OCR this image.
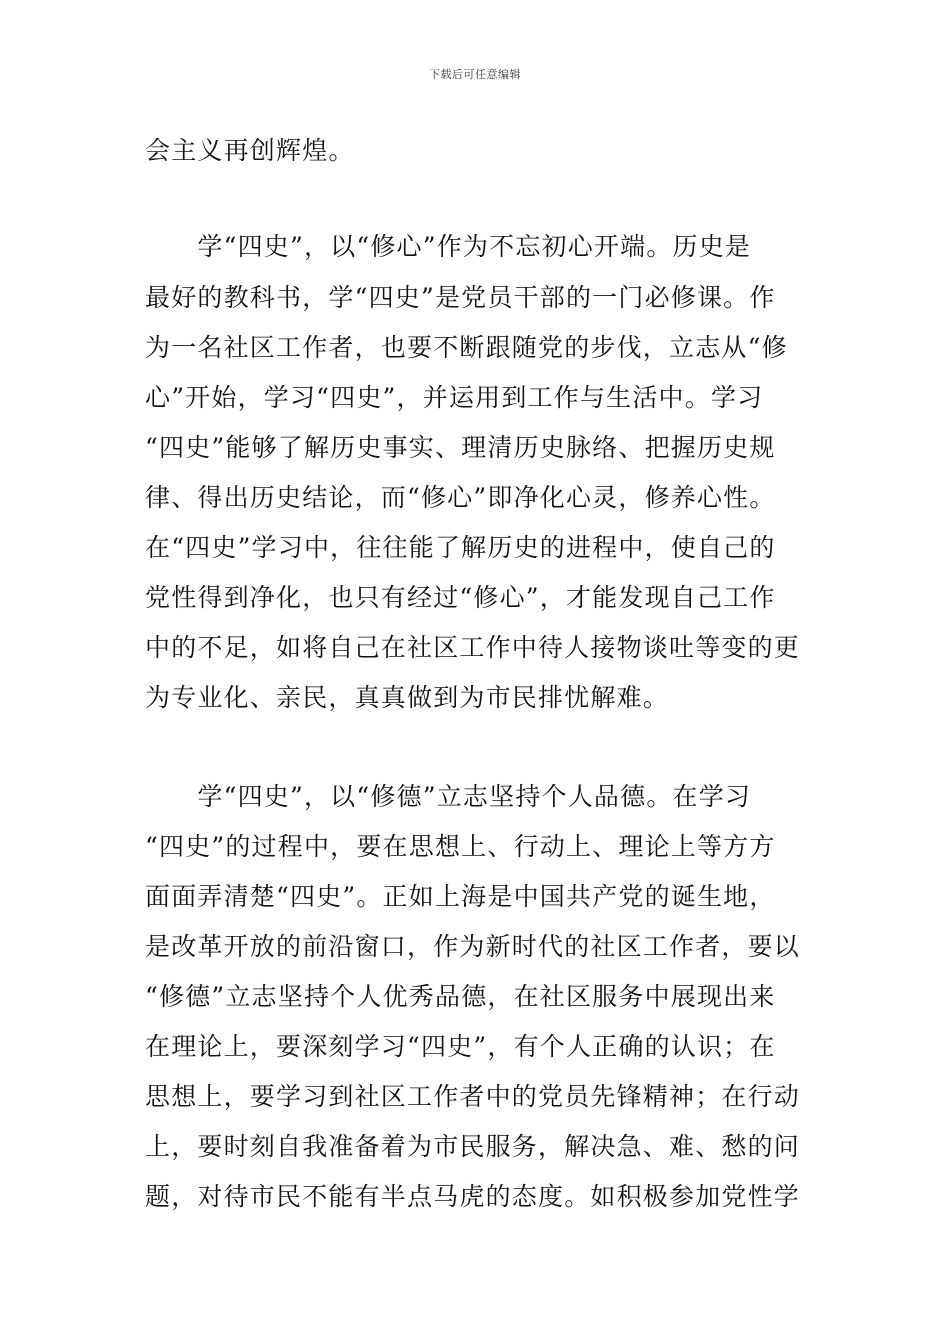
下载后可任意编辑
会主义再创辉煌。
　　学“四史”，以“修心”作为不忘初心开端。历史是
最好的教科书，学“四史”是党员干部的一门必修课。作
为一名社区工作者，也要不断跟随党的步伐，立志从“修
心”开始，学习“四史”，并运用到工作与生活中。学习
“四史”能够了解历史事实、理清历史脉络、把握历史规
律、得出历史结论，而“修心”即净化心灵，修养心性。
在“四史”学习中，往往能了解历史的进程中，使自己的
党性得到净化，也只有经过“修心”，才能发现自己工作
中的不足，如将自己在社区工作中待人接物谈吐等变的更
为专业化、亲民，真真做到为市民排忧解难。
　　学“四史”，以“修德”立志坚持个人品德。在学习
“四史”的过程中，要在思想上、行动上、理论上等方方
面面弄清楚“四史”。正如上海是中国共产党的诞生地，
是改革开放的前沿窗口，作为新时代的社区工作者，要以
“修德”立志坚持个人优秀品德，在社区服务中展现出来
在理论上，要深刻学习“四史”，有个人正确的认识；在
思想上，要学习到社区工作者中的党员先锋精神；在行动
上，要时刻自我准备着为市民服务，解决急、难、愁的问
题，对待市民不能有半点马虎的态度。如积极参加党性学
